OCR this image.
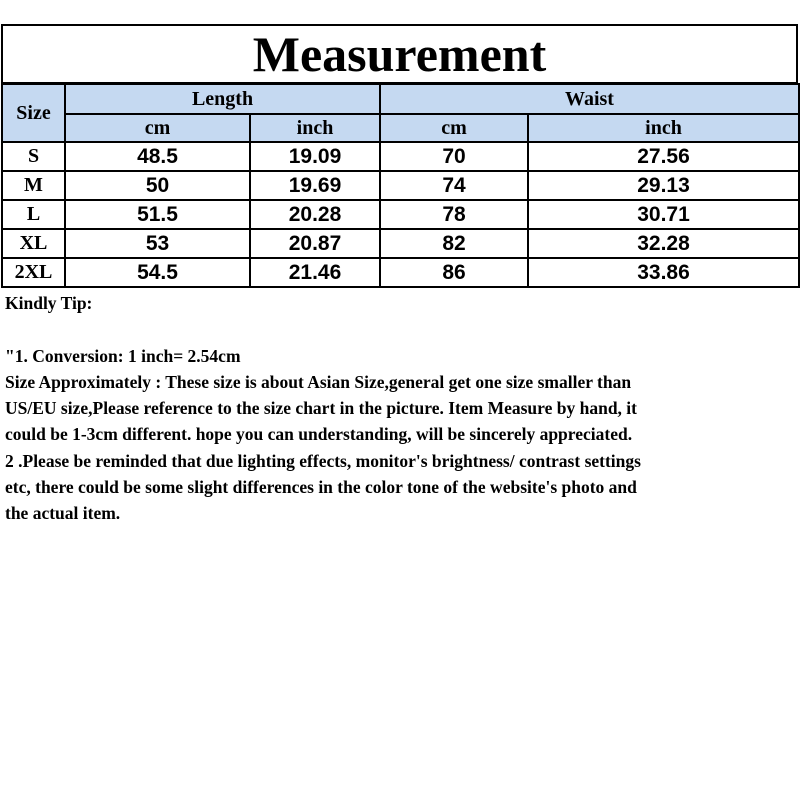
Measurement
Size	Length		Waist	
	cm	inch	cm	inch
S	48.5	19.09	70	27.56
M	50	19.69	74	29.13
L	51.5	20.28	78	30.71
XL	53	20.87	82	32.28
2XL	54.5	21.46	86	33.86
Kindly Tip:
"1. Conversion: 1 inch= 2.54cm
Size Approximately : These size is about Asian Size,general get one size smaller than
US/EU size,Please reference to the size chart in the picture. Item Measure by hand, it
could be 1-3cm different. hope you can understanding, will be sincerely appreciated.
2 .Please be reminded that due lighting effects, monitor's brightness/ contrast settings
etc, there could be some slight differences in the color tone of the website's photo and
the actual item.
